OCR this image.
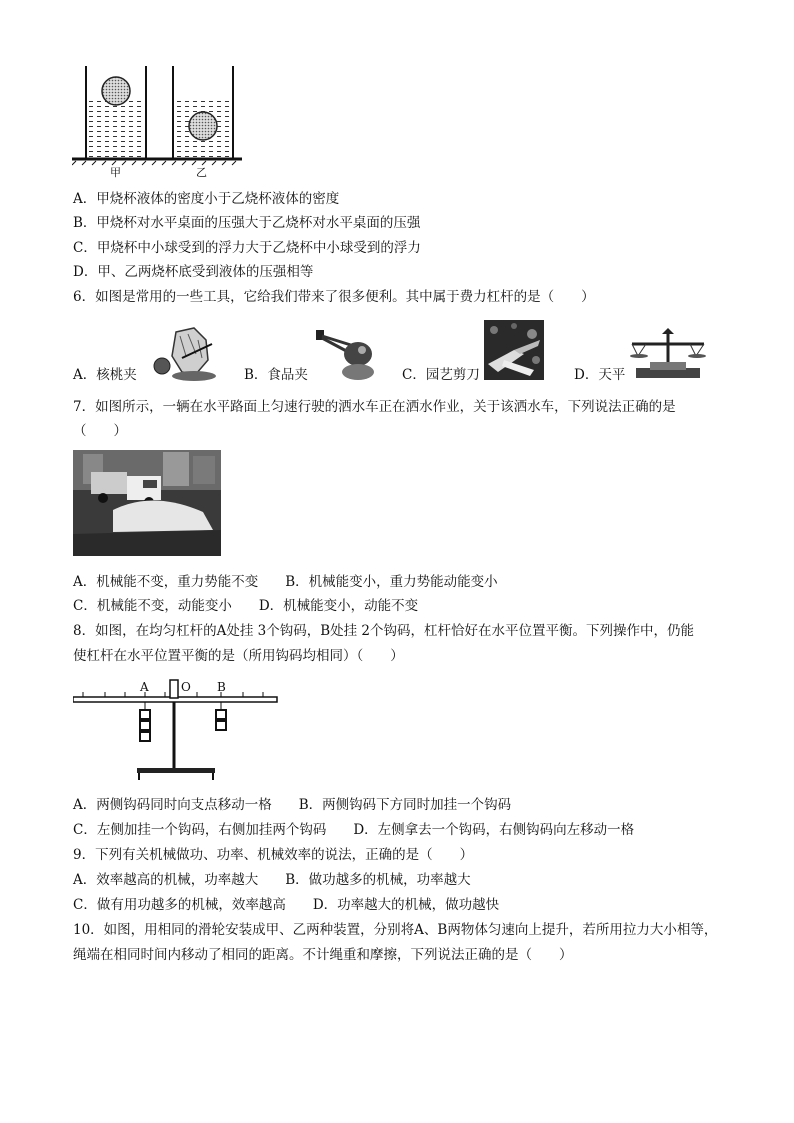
甲	乙
A．甲烧杯液体的密度小于乙烧杯液体的密度
B．甲烧杯对水平桌面的压强大于乙烧杯对水平桌面的压强
C．甲烧杯中小球受到的浮力大于乙烧杯中小球受到的浮力
D．甲、乙两烧杯底受到液体的压强相等
6．如图是常用的一些工具，它给我们带来了很多便利。其中属于费力杠杆的是（　　）
A．核桃夹	B．食品夹	C．园艺剪刀	D．天平
7．如图所示，一辆在水平路面上匀速行驶的洒水车正在洒水作业，关于该洒水车，下列说法正确的是
（　　）
A．机械能不变，重力势能不变　　B．机械能变小，重力势能动能变小
C．机械能不变，动能变小　　D．机械能变小，动能不变
8．如图，在均匀杠杆的A处挂 3个钩码，B处挂 2个钩码，杠杆恰好在水平位置平衡。下列操作中，仍能
使杠杆在水平位置平衡的是（所用钩码均相同）（　　）
A	O B
A．两侧钩码同时向支点移动一格　　B．两侧钩码下方同时加挂一个钩码
C．左侧加挂一个钩码，右侧加挂两个钩码　　D．左侧拿去一个钩码，右侧钩码向左移动一格
9．下列有关机械做功、功率、机械效率的说法，正确的是（　　）
A．效率越高的机械，功率越大　　B．做功越多的机械，功率越大
C．做有用功越多的机械，效率越高　　D．功率越大的机械，做功越快
10．如图，用相同的滑轮安装成甲、乙两种装置，分别将A、B两物体匀速向上提升，若所用拉力大小相等，
绳端在相同时间内移动了相同的距离。不计绳重和摩擦，下列说法正确的是（　　）
